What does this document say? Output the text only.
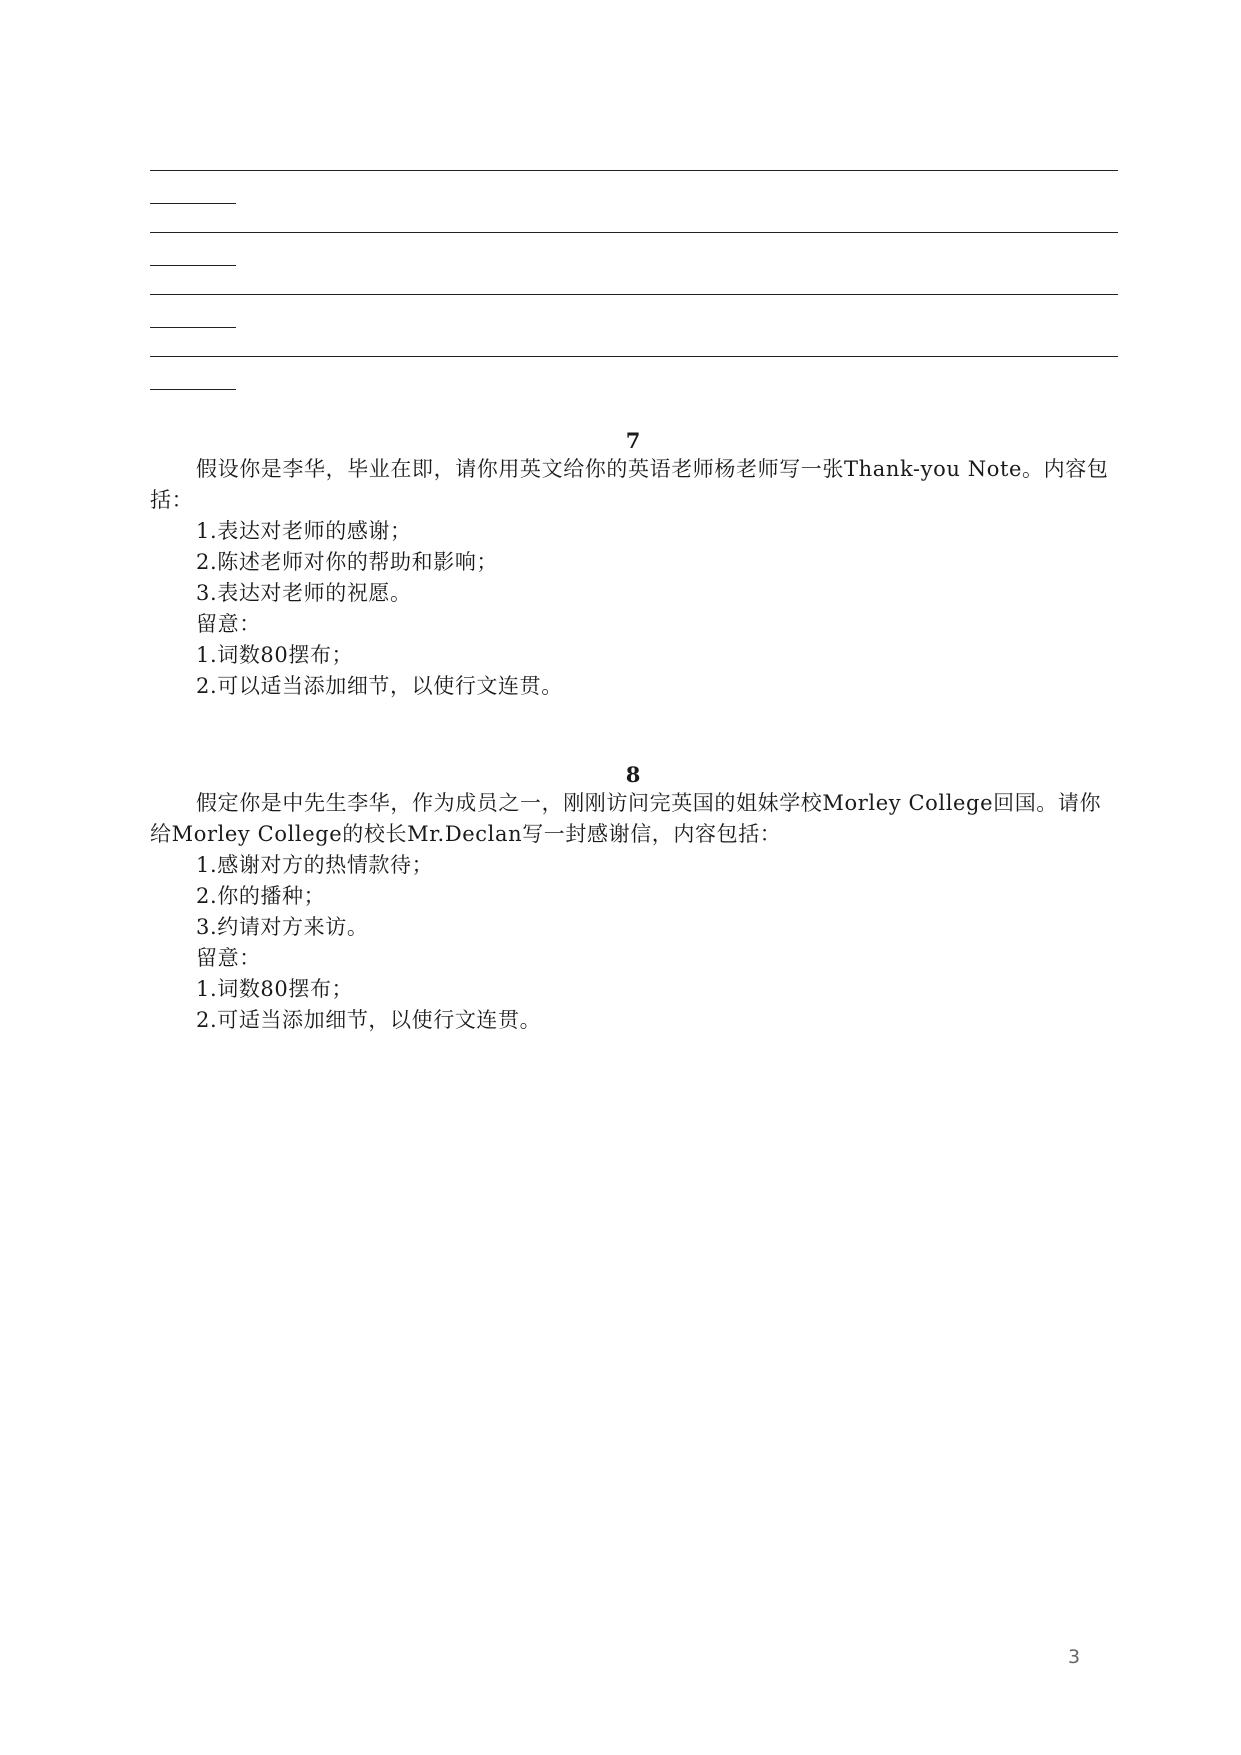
7

假设你是李华，毕业在即，请你用英文给你的英语老师杨老师写一张Thank-you Note。内容包括：

1.表达对老师的感谢；

2.陈述老师对你的帮助和影响；

3.表达对老师的祝愿。

留意：

1.词数80摆布；

2.可以适当添加细节，以使行文连贯。

8

假定你是中先生李华，作为成员之一，刚刚访问完英国的姐妹学校Morley College回国。请你给Morley College的校长Mr.Declan写一封感谢信，内容包括：

1.感谢对方的热情款待；

2.你的播种；

3.约请对方来访。

留意：

1.词数80摆布；

2.可适当添加细节，以使行文连贯。

3
